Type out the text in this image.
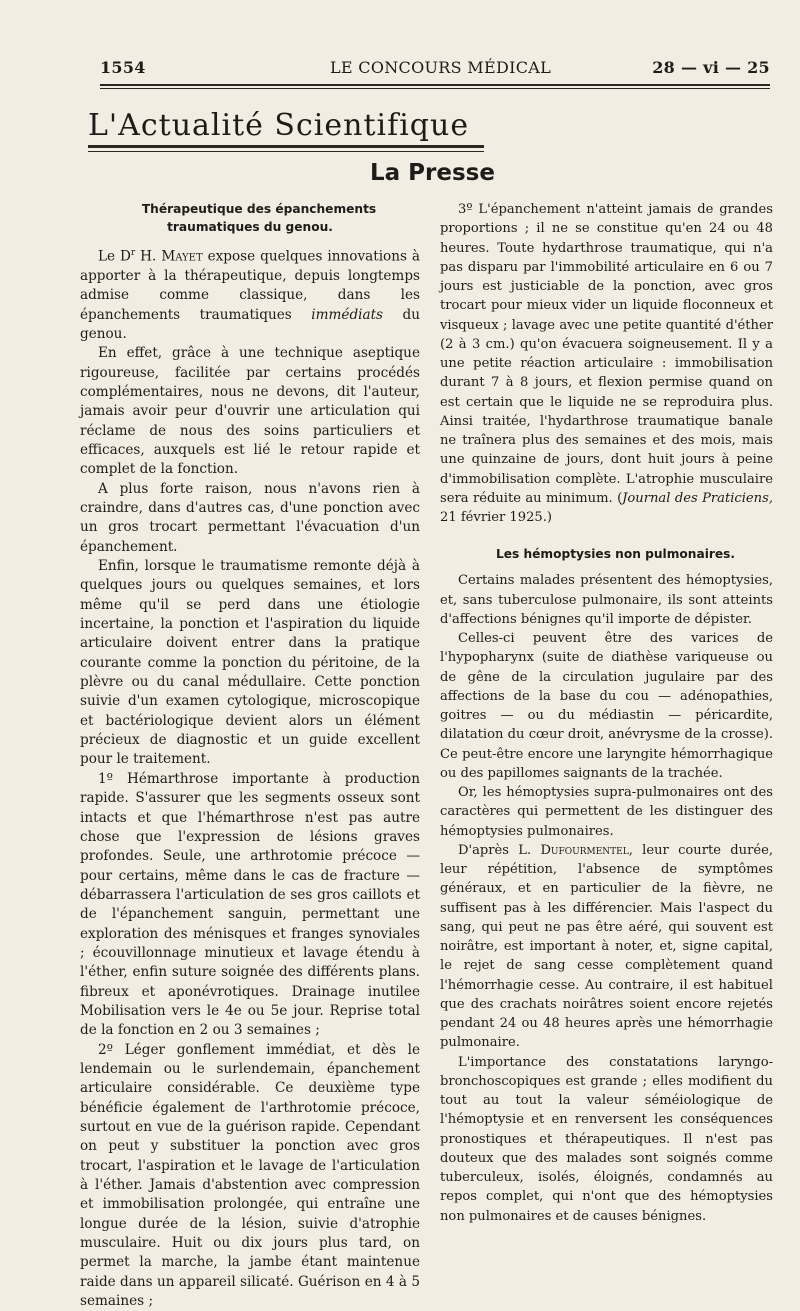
1554	LE CONCOURS MÉDICAL	28 — vi — 25
L'Actualité Scientifique
La Presse

Thérapeutique des épanchements traumatiques du genou.

Le $D^r$ H. Mayet expose quelques innovations à apporter à la thérapeutique, depuis longtemps admise comme classique, dans les épanchements traumatiques immédiats du genou.

En effet, grâce à une technique aseptique rigoureuse, facilitée par certains procédés complémentaires, nous ne devons, dit l'auteur, jamais avoir peur d'ouvrir une articulation qui réclame de nous des soins particuliers et efficaces, auxquels est lié le retour rapide et complet de la fonction.

A plus forte raison, nous n'avons rien à craindre, dans d'autres cas, d'une ponction avec un gros trocart permettant l'évacuation d'un épanchement.

Enfin, lorsque le traumatisme remonte déjà à quelques jours ou quelques semaines, et lors même qu'il se perd dans une étiologie incertaine, la ponction et l'aspiration du liquide articulaire doivent entrer dans la pratique courante comme la ponction du péritoine, de la plèvre ou du canal médullaire. Cette ponction suivie d'un examen cytologique, microscopique et bactériologique devient alors un élément précieux de diagnostic et un guide excellent pour le traitement.

1º Hémarthrose importante à production rapide. S'assurer que les segments osseux sont intacts et que l'hémarthrose n'est pas autre chose que l'expression de lésions graves profondes. Seule, une arthrotomie précoce — pour certains, même dans le cas de fracture — débarrassera l'articulation de ses gros caillots et de l'épanchement sanguin, permettant une exploration des ménisques et franges synoviales ; écouvillonnage minutieux et lavage étendu à l'éther, enfin suture soignée des différents plans. fibreux et aponévrotiques. Drainage inutilee Mobilisation vers le 4e ou 5e jour. Reprise total de la fonction en 2 ou 3 semaines ;

2º Léger gonflement immédiat, et dès le lendemain ou le surlendemain, épanchement articulaire considérable. Ce deuxième type bénéficie également de l'arthrotomie précoce, surtout en vue de la guérison rapide. Cependant on peut y substituer la ponction avec gros trocart, l'aspiration et le lavage de l'articulation à l'éther. Jamais d'abstention avec compression et immobilisation prolongée, qui entraîne une longue durée de la lésion, suivie d'atrophie musculaire. Huit ou dix jours plus tard, on permet la marche, la jambe étant maintenue raide dans un appareil silicaté. Guérison en 4 à 5 semaines ;

3º L'épanchement n'atteint jamais de grandes proportions ; il ne se constitue qu'en 24 ou 48 heures. Toute hydarthrose traumatique, qui n'a pas disparu par l'immobilité articulaire en 6 ou 7 jours est justiciable de la ponction, avec gros trocart pour mieux vider un liquide floconneux et visqueux ; lavage avec une petite quantité d'éther (2 à 3 cm.) qu'on évacuera soigneusement. Il y a une petite réaction articulaire : immobilisation durant 7 à 8 jours, et flexion permise quand on est certain que le liquide ne se reproduira plus. Ainsi traitée, l'hydarthrose traumatique banale ne traînera plus des semaines et des mois, mais une quinzaine de jours, dont huit jours à peine d'immobilisation complète. L'atrophie musculaire sera réduite au minimum. (Journal des Praticiens, 21 février 1925.)

Les hémoptysies non pulmonaires.

Certains malades présentent des hémoptysies, et, sans tuberculose pulmonaire, ils sont atteints d'affections bénignes qu'il importe de dépister.

Celles-ci peuvent être des varices de l'hypopharynx (suite de diathèse variqueuse ou de gêne de la circulation jugulaire par des affections de la base du cou — adénopathies, goitres — ou du médiastin — péricardite, dilatation du cœur droit, anévrysme de la crosse). Ce peut-être encore une laryngite hémorrhagique ou des papillomes saignants de la trachée.

Or, les hémoptysies supra-pulmonaires ont des caractères qui permettent de les distinguer des hémoptysies pulmonaires.

D'après L. Dufourmentel, leur courte durée, leur répétition, l'absence de symptômes généraux, et en particulier de la fièvre, ne suffisent pas à les différencier. Mais l'aspect du sang, qui peut ne pas être aéré, qui souvent est noirâtre, est important à noter, et, signe capital, le rejet de sang cesse complètement quand l'hémorrhagie cesse. Au contraire, il est habituel que des crachats noirâtres soient encore rejetés pendant 24 ou 48 heures après une hémorrhagie pulmonaire.

L'importance des constatations laryngo-bronchoscopiques est grande ; elles modifient du tout au tout la valeur séméiologique de l'hémoptysie et en renversent les conséquences pronostiques et thérapeutiques. Il n'est pas douteux que des malades sont soignés comme tuberculeux, isolés, éloignés, condamnés au repos complet, qui n'ont que des hémoptysies non pulmonaires et de causes bénignes.
